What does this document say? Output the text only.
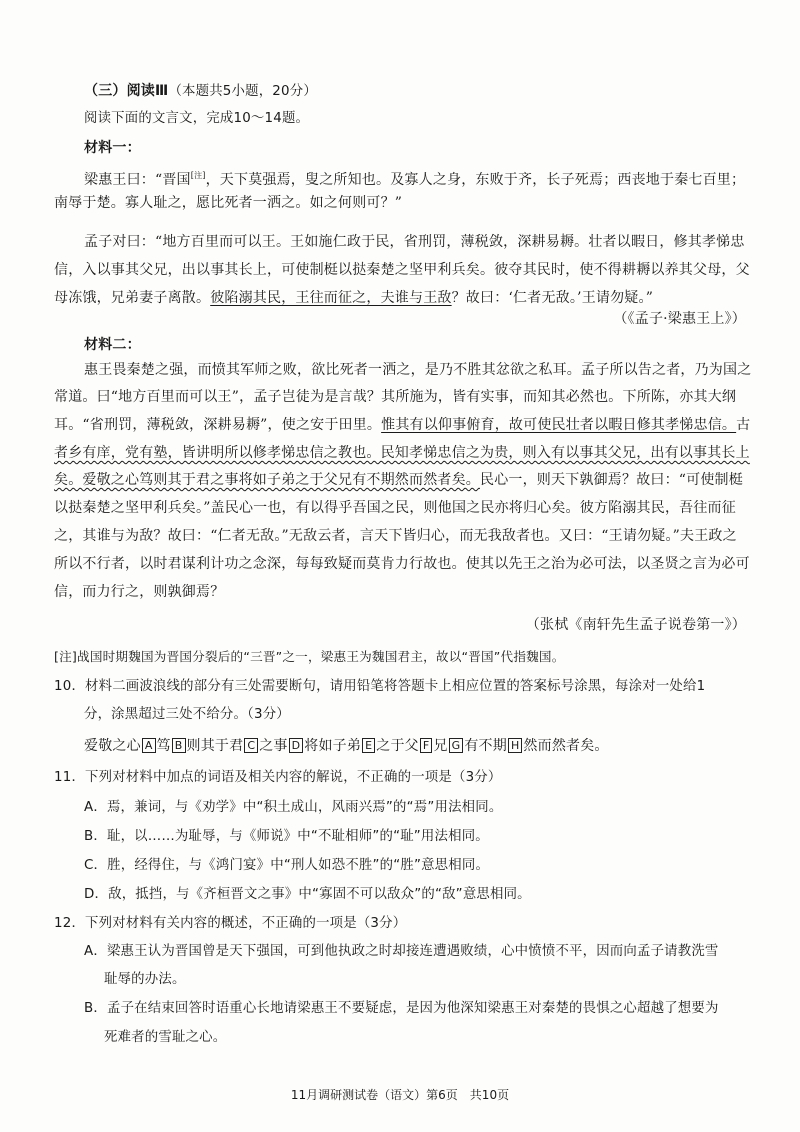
（三）阅读Ⅲ（本题共5小题，20分）
阅读下面的文言文，完成10～14题。
材料一：
梁惠王曰：“晋国[注]，天下莫强焉，叟之所知也。及寡人之身，东败于齐，长子死焉；西丧地于秦七百里；
南辱于楚。寡人耻之，愿比死者一洒之。如之何则可？”
孟子对曰：“地方百里而可以王。王如施仁政于民，省刑罚，薄税敛，深耕易耨。壮者以暇日，修其孝悌忠
信，入以事其父兄，出以事其长上，可使制梃以挞秦楚之坚甲利兵矣。彼夺其民时，使不得耕耨以养其父母，父
母冻饿，兄弟妻子离散。彼陷溺其民，王往而征之，夫谁与王敌？故曰：‘仁者无敌。’王请勿疑。”
（《孟子·梁惠王上》）
材料二：
惠王畏秦楚之强，而愤其军师之败，欲比死者一洒之，是乃不胜其忿欲之私耳。孟子所以告之者，乃为国之
常道。曰“地方百里而可以王”，孟子岂徒为是言哉？其所施为，皆有实事，而知其必然也。下所陈，亦其大纲
耳。“省刑罚，薄税敛，深耕易耨”，使之安于田里。惟其有以仰事俯育，故可使民壮者以暇日修其孝悌忠信。古
者乡有庠，党有塾，皆讲明所以修孝悌忠信之教也。民知孝悌忠信之为贵，则入有以事其父兄，出有以事其长上
矣。爱敬之心笃则其于君之事将如子弟之于父兄有不期然而然者矣。民心一，则天下孰御焉？故曰：“可使制梃
以挞秦楚之坚甲利兵矣。”盖民心一也，有以得乎吾国之民，则他国之民亦将归心矣。彼方陷溺其民，吾往而征
之，其谁与为敌？故曰：“仁者无敌。”无敌云者，言天下皆归心，而无我敌者也。又曰：“王请勿疑。”夫王政之
所以不行者，以时君谋利计功之念深，每每致疑而莫肯力行故也。使其以先王之治为必可法，以圣贤之言为必可
信，而力行之，则孰御焉？
（张栻《南轩先生孟子说卷第一》）
[注]战国时期魏国为晋国分裂后的“三晋”之一，梁惠王为魏国君主，故以“晋国”代指魏国。
10．材料二画波浪线的部分有三处需要断句，请用铅笔将答题卡上相应位置的答案标号涂黑，每涂对一处给1
分，涂黑超过三处不给分。（3分）
爱敬之心 A 笃 B 则其于君 C 之事 D 将如子弟 E 之于父 F 兄 G 有不期 H 然而然者矣。
11．下列对材料中加点的词语及相关内容的解说，不正确的一项是（3分）
A．焉，兼词，与《劝学》中“积土成山，风雨兴焉”的“焉”用法相同。
B．耻，以……为耻辱，与《师说》中“不耻相师”的“耻”用法相同。
C．胜，经得住，与《鸿门宴》中“刑人如恐不胜”的“胜”意思相同。
D．敌，抵挡，与《齐桓晋文之事》中“寡固不可以敌众”的“敌”意思相同。
12．下列对材料有关内容的概述，不正确的一项是（3分）
A．梁惠王认为晋国曾是天下强国，可到他执政之时却接连遭遇败绩，心中愤愤不平，因而向孟子请教洗雪
耻辱的办法。
B．孟子在结束回答时语重心长地请梁惠王不要疑虑，是因为他深知梁惠王对秦楚的畏惧之心超越了想要为
死难者的雪耻之心。
11月调研测试卷（语文）第6页　共10页
